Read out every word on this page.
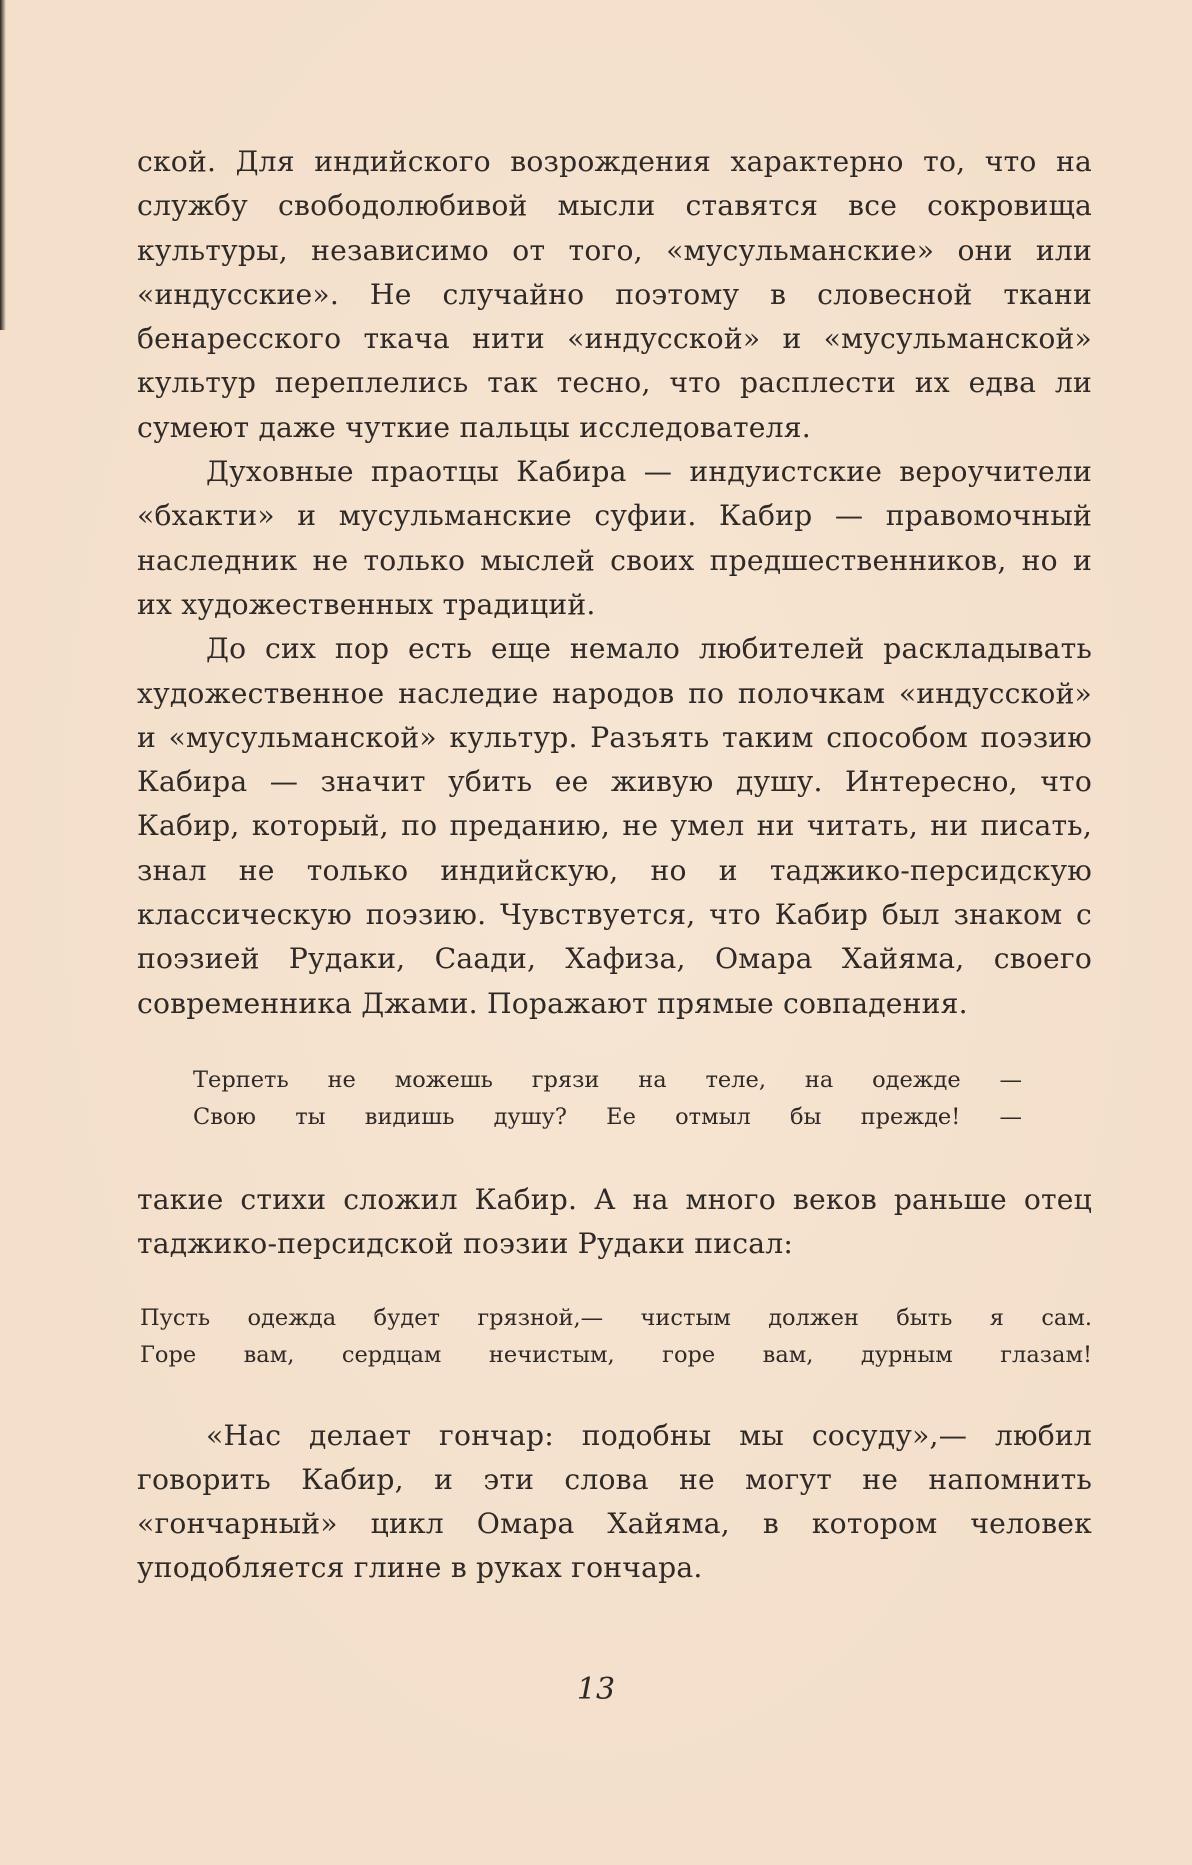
ской. Для индийского возрождения характерно то, что на службу свободолюбивой мысли ставятся все сокровища культуры, независимо от того, «мусульманские» они или «индусские». Не случайно поэтому в словесной ткани бенаресского ткача нити «индусской» и «мусульманской» культур переплелись так тесно, что расплести их едва ли сумеют даже чуткие пальцы исследователя.

Духовные праотцы Кабира — индуистские вероучители «бхакти» и мусульманские суфии. Кабир — правомочный наследник не только мыслей своих предшественников, но и их художественных традиций.

До сих пор есть еще немало любителей раскладывать художественное наследие народов по полочкам «индусской» и «мусульманской» культур. Разъять таким способом поэзию Кабира — значит убить ее живую душу. Интересно, что Кабир, который, по преданию, не умел ни читать, ни писать, знал не только индийскую, но и таджико-персидскую классическую поэзию. Чувствуется, что Кабир был знаком с поэзией Рудаки, Саади, Хафиза, Омара Хайяма, своего современника Джами. Поражают прямые совпадения.

Терпеть не можешь грязи на теле, на одежде —
Свою ты видишь душу? Ее отмыл бы прежде! —

такие стихи сложил Кабир. А на много веков раньше отец таджико-персидской поэзии Рудаки писал:

Пусть одежда будет грязной,— чистым должен быть я сам.
Горе вам, сердцам нечистым, горе вам, дурным глазам!

«Нас делает гончар: подобны мы сосуду»,— любил говорить Кабир, и эти слова не могут не напомнить «гончарный» цикл Омара Хайяма, в котором человек уподобляется глине в руках гончара.

13
